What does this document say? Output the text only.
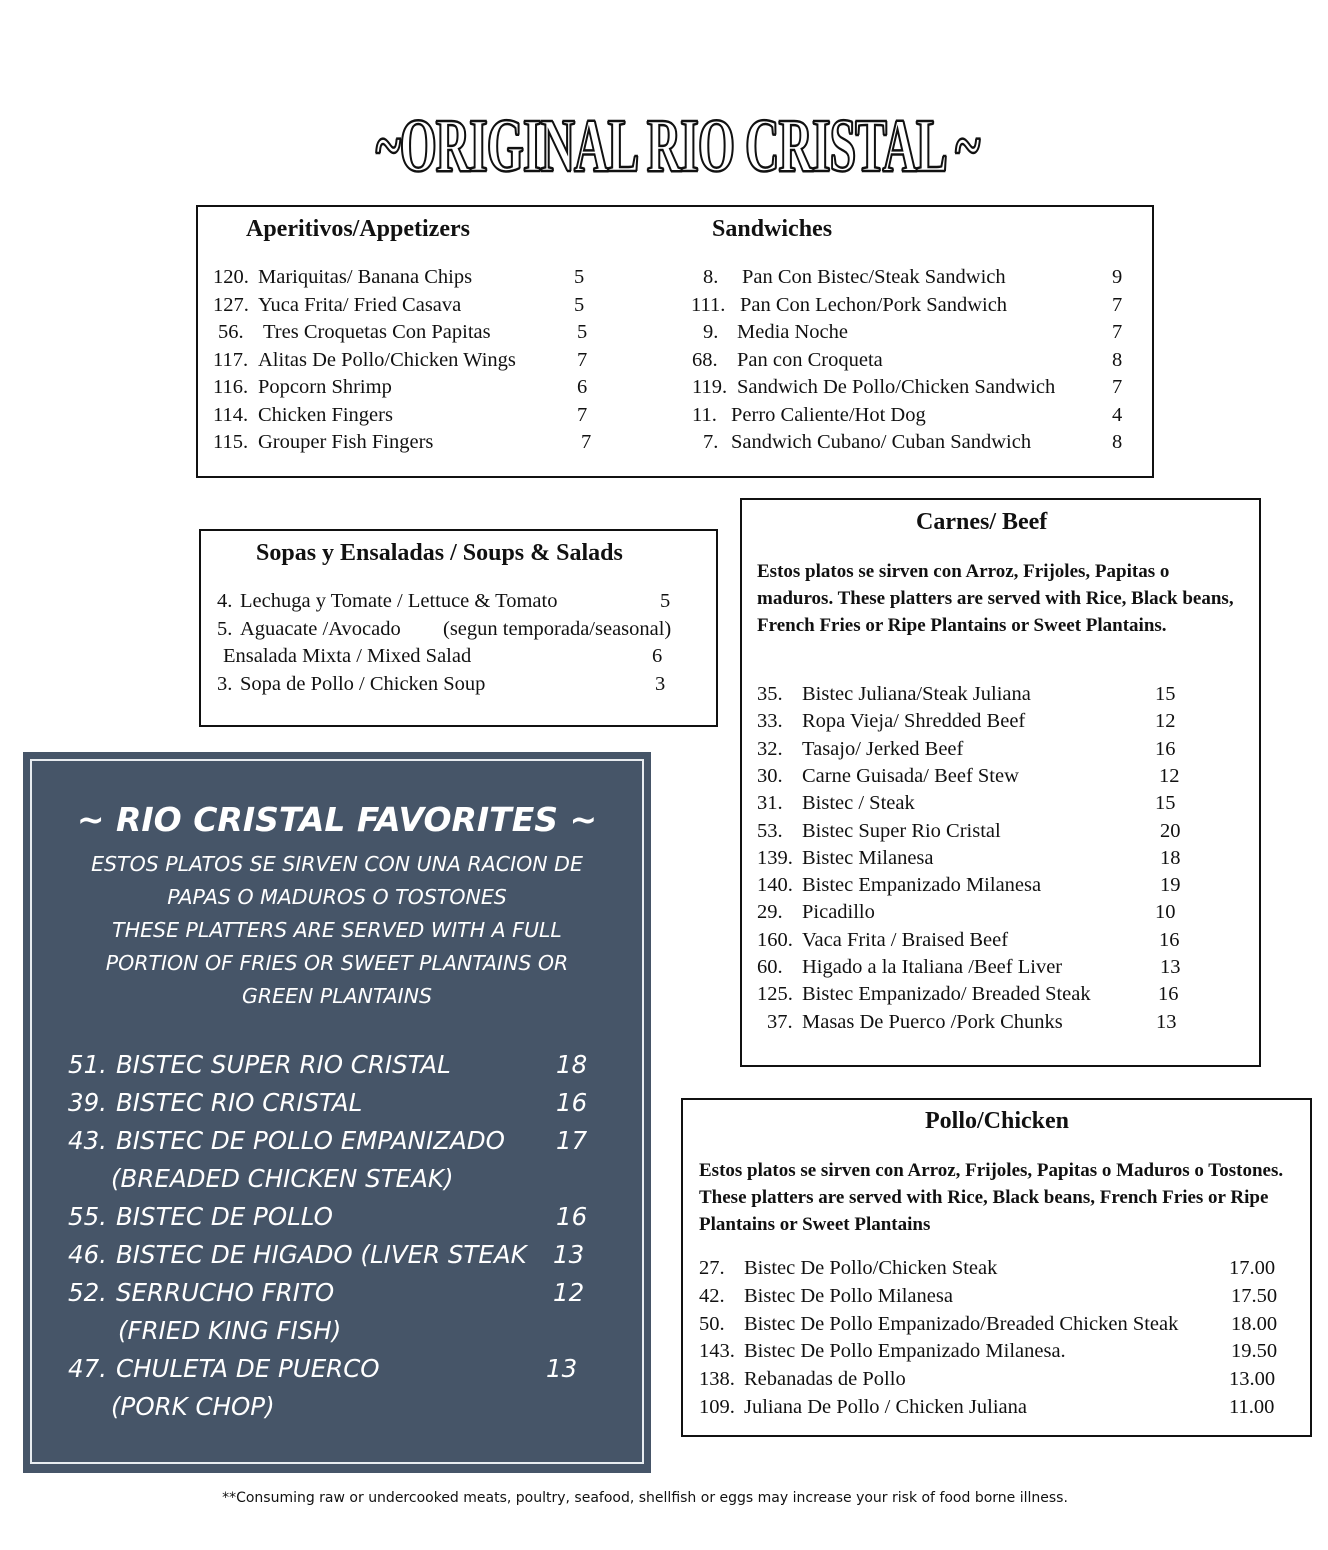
~ORIGINAL RIO CRISTAL ~
Aperitivos/Appetizers	Sandwiches
120. Mariquitas/ Banana Chips	5
127. Yuca Frita/ Fried Casava	5
56. Tres Croquetas Con Papitas	5
117. Alitas De Pollo/Chicken Wings	7
116. Popcorn Shrimp	6
114. Chicken Fingers	7
115. Grouper Fish Fingers	7
8. Pan Con Bistec/Steak Sandwich	9
111. Pan Con Lechon/Pork Sandwich	7
9. Media Noche	7
68. Pan con Croqueta	8
119. Sandwich De Pollo/Chicken Sandwich	7
11. Perro Caliente/Hot Dog	4
7. Sandwich Cubano/ Cuban Sandwich	8
Sopas y Ensaladas / Soups & Salads
4. Lechuga y Tomate / Lettuce & Tomato	5
5. Aguacate /Avocado (segun temporada/seasonal)
Ensalada Mixta / Mixed Salad	6
3. Sopa de Pollo / Chicken Soup	3
Carnes/ Beef
Estos platos se sirven con Arroz, Frijoles, Papitas o maduros. These platters are served with Rice, Black beans, French Fries or Ripe Plantains or Sweet Plantains.
35. Bistec Juliana/Steak Juliana	15
33. Ropa Vieja/ Shredded Beef	12
32. Tasajo/ Jerked Beef	16
30. Carne Guisada/ Beef Stew	12
31. Bistec / Steak	15
53. Bistec Super Rio Cristal	20
139. Bistec Milanesa	18
140. Bistec Empanizado Milanesa	19
29. Picadillo	10
160. Vaca Frita / Braised Beef	16
60. Higado a la Italiana /Beef Liver	13
125. Bistec Empanizado/ Breaded Steak	16
37. Masas De Puerco /Pork Chunks	13
Pollo/Chicken
Estos platos se sirven con Arroz, Frijoles, Papitas o Maduros o Tostones. These platters are served with Rice, Black beans, French Fries or Ripe Plantains or Sweet Plantains
27. Bistec De Pollo/Chicken Steak	17.00
42. Bistec De Pollo Milanesa	17.50
50. Bistec De Pollo Empanizado/Breaded Chicken Steak	18.00
143. Bistec De Pollo Empanizado Milanesa.	19.50
138. Rebanadas de Pollo	13.00
109. Juliana De Pollo / Chicken Juliana	11.00
~ RIO CRISTAL FAVORITES ~
ESTOS PLATOS SE SIRVEN CON UNA RACION DE
PAPAS O MADUROS O TOSTONES
THESE PLATTERS ARE SERVED WITH A FULL
PORTION OF FRIES OR SWEET PLANTAINS OR
GREEN PLANTAINS
51. BISTEC SUPER RIO CRISTAL	18
39. BISTEC RIO CRISTAL	16
43. BISTEC DE POLLO EMPANIZADO 17
(BREADED CHICKEN STEAK)
55. BISTEC DE POLLO	16
46. BISTEC DE HIGADO (LIVER STEAK 13
52. SERRUCHO FRITO	12
(FRIED KING FISH)
47. CHULETA DE PUERCO	13
(PORK CHOP)
**Consuming raw or undercooked meats, poultry, seafood, shellfish or eggs may increase your risk of food borne illness.
